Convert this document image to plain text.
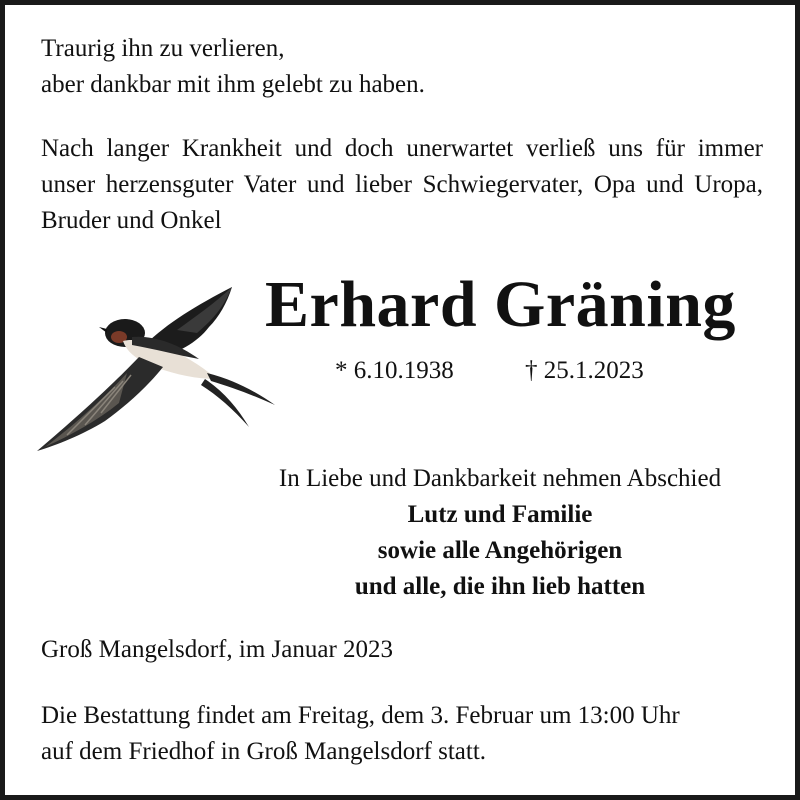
Traurig ihn zu verlieren,
aber dankbar mit ihm gelebt zu haben.

Nach langer Krankheit und doch unerwartet verließ uns für immer unser herzensguter Vater und lieber Schwiegervater, Opa und Uropa, Bruder und Onkel

Erhard Gräning
* 6.10.1938	† 25.1.2023
In Liebe und Dankbarkeit nehmen Abschied
Lutz und Familie
sowie alle Angehörigen
und alle, die ihn lieb hatten

Groß Mangelsdorf, im Januar 2023

Die Bestattung findet am Freitag, dem 3. Februar um 13:00 Uhr
auf dem Friedhof in Groß Mangelsdorf statt.
